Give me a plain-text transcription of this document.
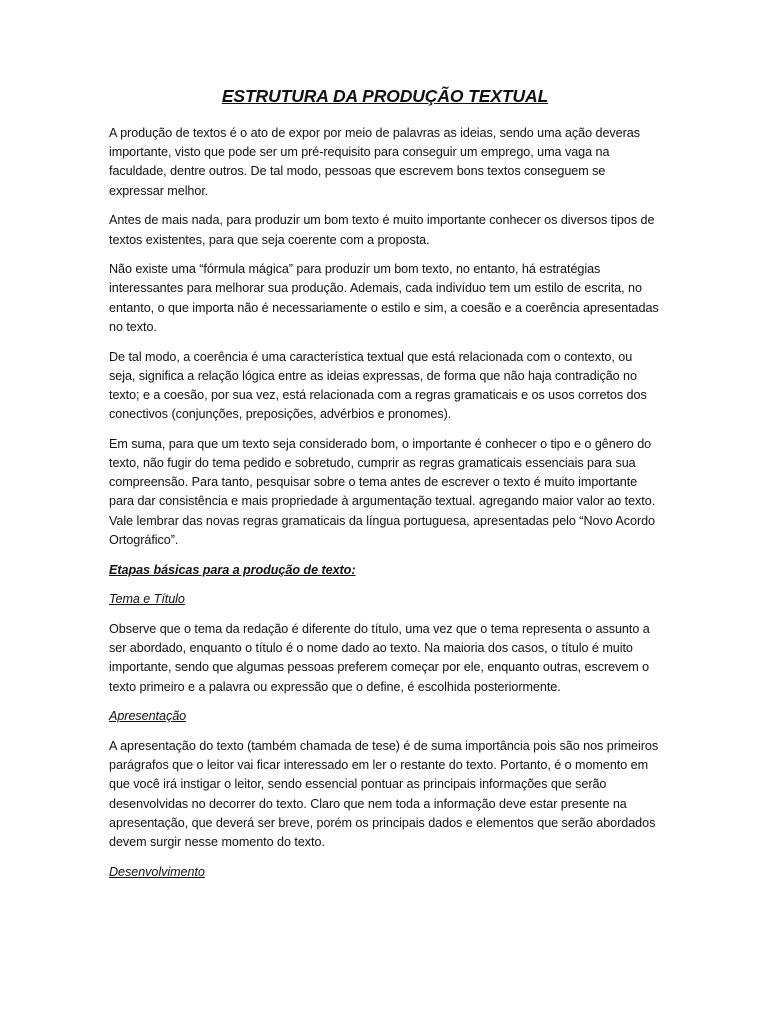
ESTRUTURA DA PRODUÇÃO TEXTUAL

A produção de textos é o ato de expor por meio de palavras as ideias, sendo uma ação deveras importante, visto que pode ser um pré-requisito para conseguir um emprego, uma vaga na faculdade, dentre outros. De tal modo, pessoas que escrevem bons textos conseguem se expressar melhor.

Antes de mais nada, para produzir um bom texto é muito importante conhecer os diversos tipos de textos existentes, para que seja coerente com a proposta.

Não existe uma “fórmula mágica” para produzir um bom texto, no entanto, há estratégias interessantes para melhorar sua produção. Ademais, cada indivíduo tem um estilo de escrita, no entanto, o que importa não é necessariamente o estilo e sim, a coesão e a coerência apresentadas no texto.

De tal modo, a coerência é uma característica textual que está relacionada com o contexto, ou seja, significa a relação lógica entre as ideias expressas, de forma que não haja contradição no texto; e a coesão, por sua vez, está relacionada com a regras gramaticais e os usos corretos dos conectivos (conjunções, preposições, advérbios e pronomes).

Em suma, para que um texto seja considerado bom, o importante é conhecer o tipo e o gênero do texto, não fugir do tema pedido e sobretudo, cumprir as regras gramaticais essenciais para sua compreensão. Para tanto, pesquisar sobre o tema antes de escrever o texto é muito importante para dar consistência e mais propriedade à argumentação textual. agregando maior valor ao texto. Vale lembrar das novas regras gramaticais da língua portuguesa, apresentadas pelo “Novo Acordo Ortográfico”.

Etapas básicas para a produção de texto:

Tema e Título

Observe que o tema da redação é diferente do título, uma vez que o tema representa o assunto a ser abordado, enquanto o título é o nome dado ao texto. Na maioria dos casos, o título é muito importante, sendo que algumas pessoas preferem começar por ele, enquanto outras, escrevem o texto primeiro e a palavra ou expressão que o define, é escolhida posteriormente.

Apresentação

A apresentação do texto (também chamada de tese) é de suma importância pois são nos primeiros parágrafos que o leitor vai ficar interessado em ler o restante do texto. Portanto, é o momento em que você irá instigar o leitor, sendo essencial pontuar as principais informações que serão desenvolvidas no decorrer do texto. Claro que nem toda a informação deve estar presente na apresentação, que deverá ser breve, porém os principais dados e elementos que serão abordados devem surgir nesse momento do texto.

Desenvolvimento
